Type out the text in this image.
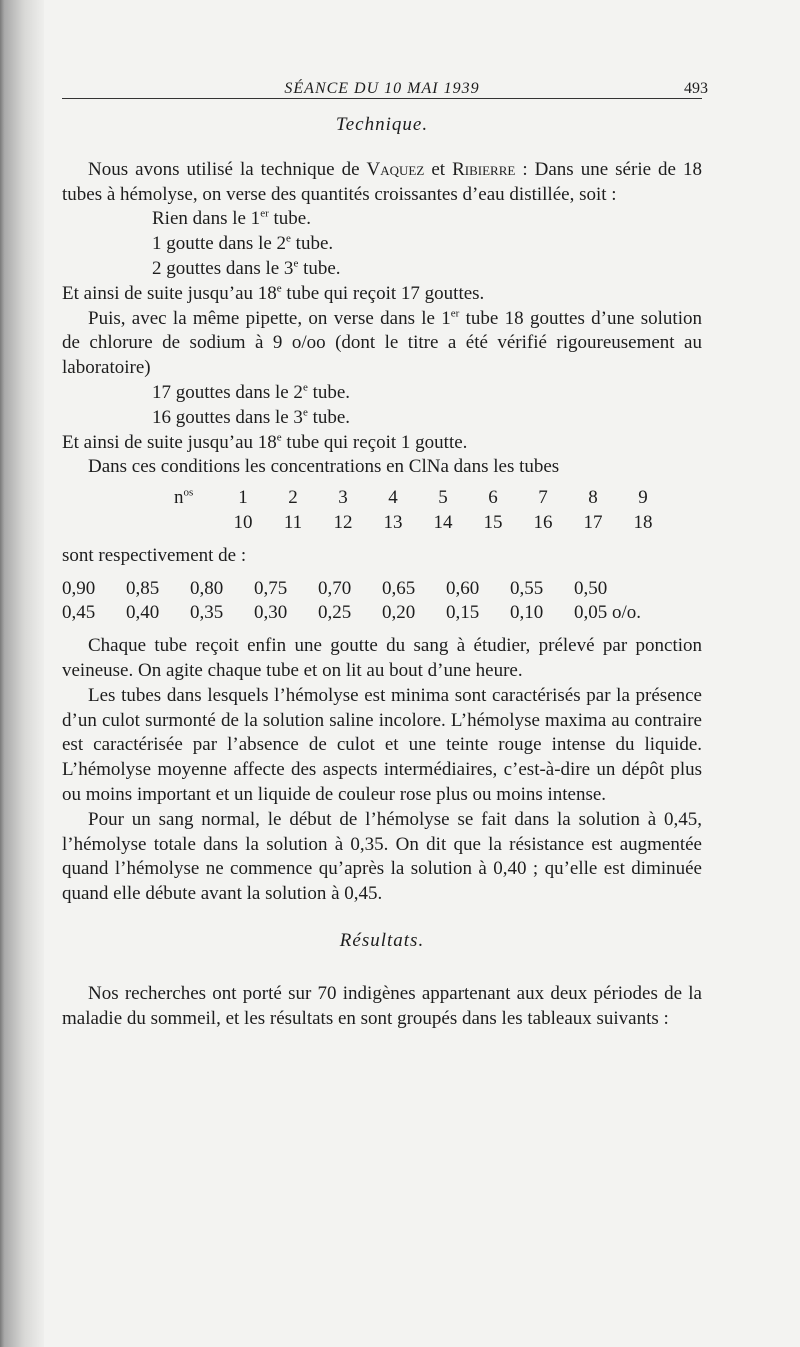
SÉANCE DU 10 MAI 1939	493
Technique.

Nous avons utilisé la technique de Vaquez et Ribierre : Dans une série de 18 tubes à hémolyse, on verse des quantités croissantes d’eau distillée, soit :

Rien dans le 1er tube.
1 goutte dans le 2e tube.
2 gouttes dans le 3e tube.

Et ainsi de suite jusqu’au 18e tube qui reçoit 17 gouttes.

Puis, avec la même pipette, on verse dans le 1er tube 18 gouttes d’une solution de chlorure de sodium à 9 o/oo (dont le titre a été vérifié rigoureusement au laboratoire)

17 gouttes dans le 2e tube.
16 gouttes dans le 3e tube.

Et ainsi de suite jusqu’au 18e tube qui reçoit 1 goutte.

Dans ces conditions les concentrations en ClNa dans les tubes

$n^{os}$	1	2	3	4	5	6	7	8	9
	10	11	12	13	14	15	16	17	18

sont respectivement de :

0,90	0,85	0,80	0,75	0,70	0,65	0,60	0,55	0,50
0,45	0,40	0,35	0,30	0,25	0,20	0,15	0,10	0,05 o/o.

Chaque tube reçoit enfin une goutte du sang à étudier, prélevé par ponction veineuse. On agite chaque tube et on lit au bout d’une heure.

Les tubes dans lesquels l’hémolyse est minima sont caractérisés par la présence d’un culot surmonté de la solution saline incolore. L’hémolyse maxima au contraire est caractérisée par l’absence de culot et une teinte rouge intense du liquide. L’hémolyse moyenne affecte des aspects intermédiaires, c’est-à-dire un dépôt plus ou moins important et un liquide de couleur rose plus ou moins intense.

Pour un sang normal, le début de l’hémolyse se fait dans la solution à 0,45, l’hémolyse totale dans la solution à 0,35. On dit que la résistance est augmentée quand l’hémolyse ne commence qu’après la solution à 0,40 ; qu’elle est diminuée quand elle débute avant la solution à 0,45.

Résultats.

Nos recherches ont porté sur 70 indigènes appartenant aux deux périodes de la maladie du sommeil, et les résultats en sont groupés dans les tableaux suivants :
